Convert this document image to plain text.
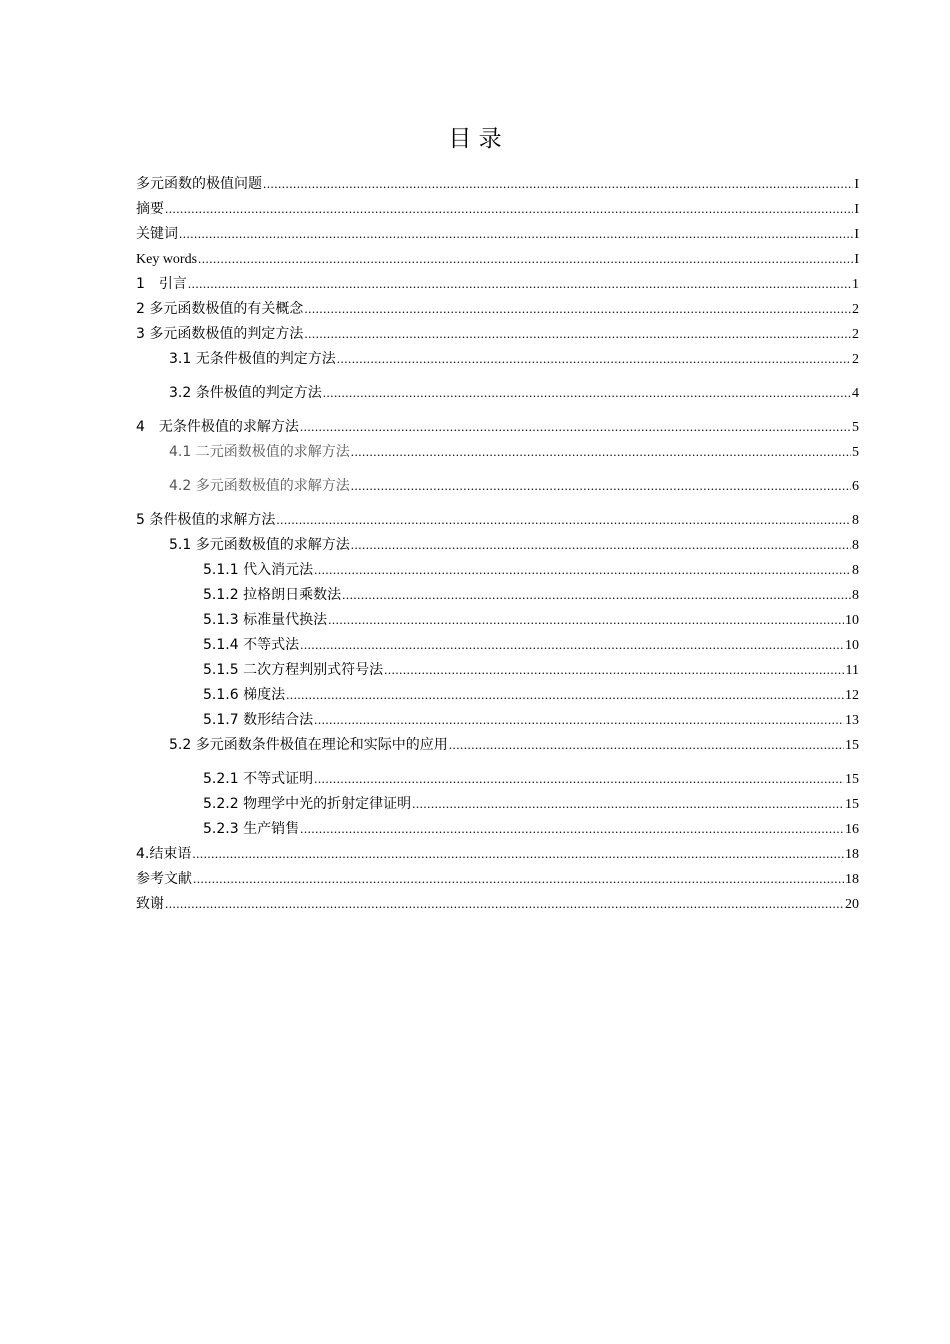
目 录
多元函数的极值问题 .....	I
摘要 .....	I
关键词 .....	I
Key words .....	I
1　引言 .....	1
2 多元函数极值的有关概念 .....	2
3 多元函数极值的判定方法 .....	2
3.1 无条件极值的判定方法 .....	2
3.2 条件极值的判定方法 .....	4
4　无条件极值的求解方法 .....	5
4.1 二元函数极值的求解方法 .....	5
4.2 多元函数极值的求解方法 .....	6
5 条件极值的求解方法 .....	8
5.1 多元函数极值的求解方法 .....	8
5.1.1 代入消元法 .....	8
5.1.2 拉格朗日乘数法 .....	8
5.1.3 标准量代换法 .....	10
5.1.4 不等式法 .....	10
5.1.5 二次方程判别式符号法 .....	11
5.1.6 梯度法 .....	12
5.1.7 数形结合法 .....	13
5.2 多元函数条件极值在理论和实际中的应用 .....	15
5.2.1 不等式证明 .....	15
5.2.2 物理学中光的折射定律证明 .....	15
5.2.3 生产销售 .....	16
4.结束语 .....	18
参考文献 .....	18
致谢 .....	20
